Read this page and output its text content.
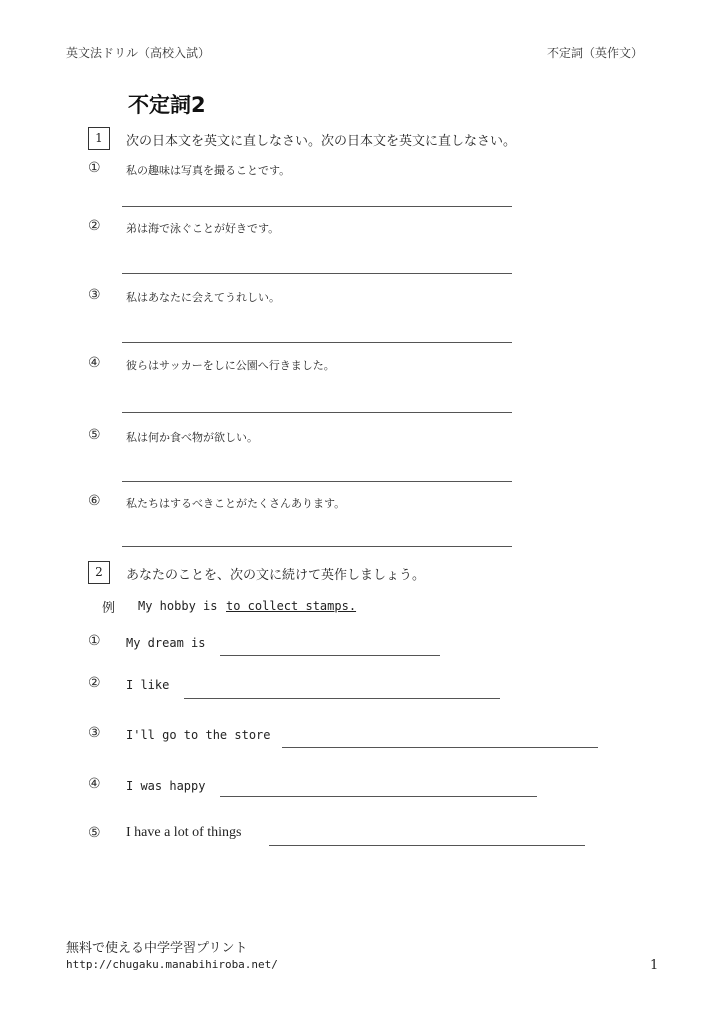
英文法ドリル（高校入試）	不定詞（英作文）
不定詞2
1	次の日本文を英文に直しなさい。次の日本文を英文に直しなさい。
① 私の趣味は写真を撮ることです。
② 弟は海で泳ぐことが好きです。
③ 私はあなたに会えてうれしい。
④ 彼らはサッカーをしに公園へ行きました。
⑤ 私は何か食べ物が欲しい。
⑥ 私たちはするべきことがたくさんあります。
2	あなたのことを、次の文に続けて英作しましょう。
例 My hobby is to collect stamps.
① My dream is
② I like
③ I'll go to the store
④ I was happy
⑤ I have a lot of things
無料で使える中学学習プリント
http://chugaku.manabihiroba.net/	1
